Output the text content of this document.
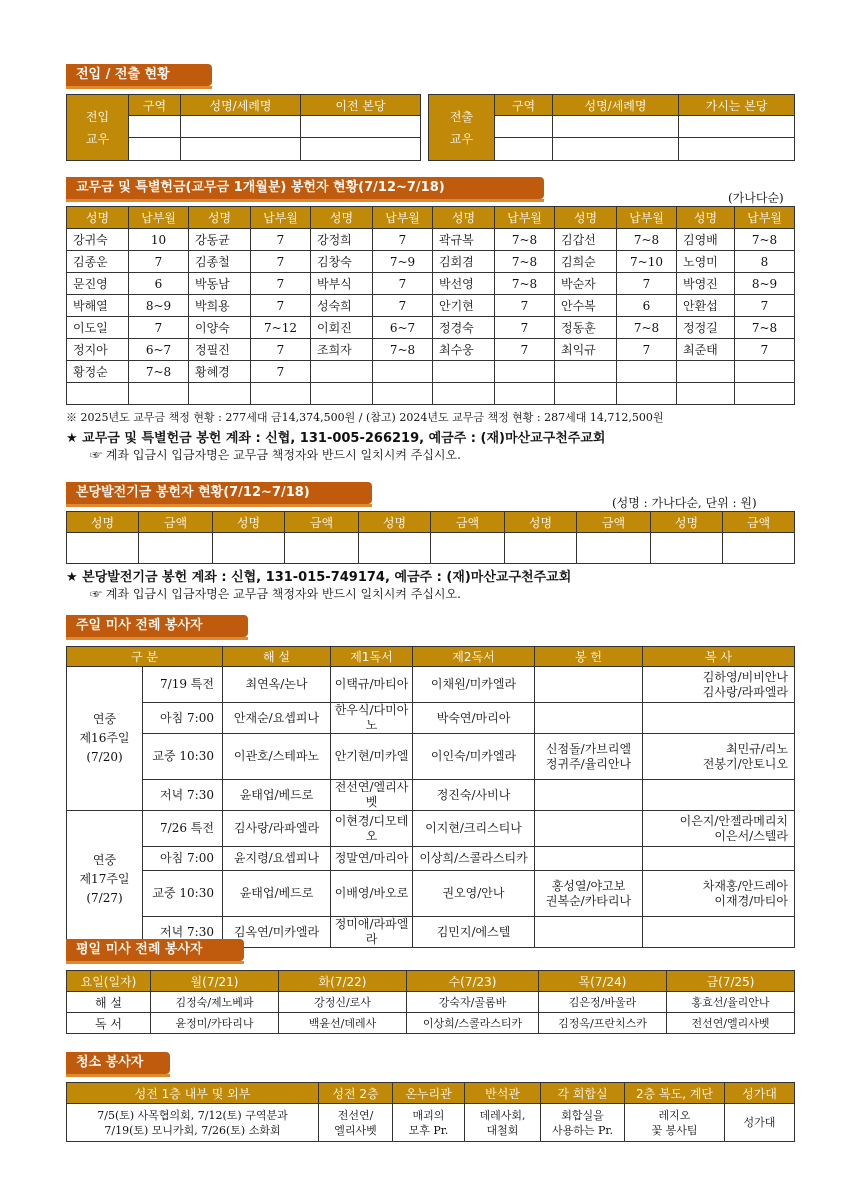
전입 / 전출 현황
전입
교우	구역	성명/세례명	이전 본당

전출
교우	구역	성명/세례명	가시는 본당

교무금 및 특별헌금(교무금 1개월분) 봉헌자 현황(7/12~7/18)
(가나다순)
성명	납부월	성명	납부월	성명	납부월	성명	납부월	성명	납부월	성명	납부월
강귀숙	10	강동균	7	강정희	7	곽규복	7~8	김갑선	7~8	김영배	7~8
김종운	7	김종철	7	김창숙	7~9	김회겸	7~8	김희순	7~10	노영미	8
문진영	6	박동남	7	박부식	7	박선영	7~8	박순자	7	박영진	8~9
박해열	8~9	박희용	7	성숙희	7	안기현	7	안수복	6	안환섭	7
이도일	7	이양숙	7~12	이회진	6~7	정경숙	7	정동훈	7~8	정정길	7~8
정지아	6~7	정필진	7	조희자	7~8	최수웅	7	최익규	7	최준태	7
황정순	7~8	황혜경	7								

※ 2025년도 교무금 책정 현황 : 277세대 금14,374,500원 / (참고) 2024년도 교무금 책정 현황 : 287세대 14,712,500원
★ 교무금 및 특별헌금 봉헌 계좌 : 신협, 131-005-266219, 예금주 : (재)마산교구천주교회
☞ 계좌 입금시 입금자명은 교무금 책정자와 반드시 일치시켜 주십시오.
본당발전기금 봉헌자 현황(7/12~7/18)
(성명 : 가나다순, 단위 : 원)
성명	금액	성명	금액	성명	금액	성명	금액	성명	금액

★ 본당발전기금 봉헌 계좌 : 신협, 131-015-749174, 예금주 : (재)마산교구천주교회
☞ 계좌 입금시 입금자명은 교무금 책정자와 반드시 일치시켜 주십시오.
주일 미사 전례 봉사자
구 분		해 설	제1독서	제2독서	봉 헌	복 사
연중
제16주일
(7/20)	7/19 특전	최연옥/논나	이택규/마티아	이채원/미카엘라		김하영/비비안나
김사랑/라파엘라
	아침 7:00	안재순/요셉피나	한우식/다미아노	박숙연/마리아		
	교중 10:30	이관호/스테파노	안기현/미카엘	이인숙/미카엘라	신점돌/가브리엘
정귀주/율리안나	최민규/리노
전봉기/안토니오
	저녁 7:30	윤태업/베드로	전선연/엘리사벳	정진숙/사비나		
연중
제17주일
(7/27)	7/26 특전	김사랑/라파엘라	이현경/디모테오	이지현/크리스티나		이은지/안젤라메리치
이은서/스텔라
	아침 7:00	윤지령/요셉피나	정말연/마리아	이상희/스콜라스티카		
	교중 10:30	윤태업/베드로	이배영/바오로	권오영/안나	홍성열/야고보
권복순/카타리나	차재홍/안드레아
이재경/마티아
	저녁 7:30	김옥연/미카엘라	정미애/라파엘라	김민지/에스텔		
평일 미사 전례 봉사자
요일(일자)	월(7/21)	화(7/22)	수(7/23)	목(7/24)	금(7/25)
해 설	김정숙/제노베파	강정신/로사	강숙자/골롬바	김은정/바울라	홍효선/율리안나
독 서	윤정미/카타리나	백윤선/데레사	이상희/스콜라스티카	김정옥/프란치스카	전선연/엘리사벳
청소 봉사자
성전 1층 내부 및 외부	성전 2층	온누리관	반석관	각 회합실	2층 복도, 계단	성가대
7/5(토) 사목협의회, 7/12(토) 구역분과
7/19(토) 모니카회, 7/26(토) 소화회	전선연/
엘리사벳	매괴의
모후 Pr.	데레사회,
대철회	회합실을
사용하는 Pr.	레지오
꽃 봉사팀	성가대
